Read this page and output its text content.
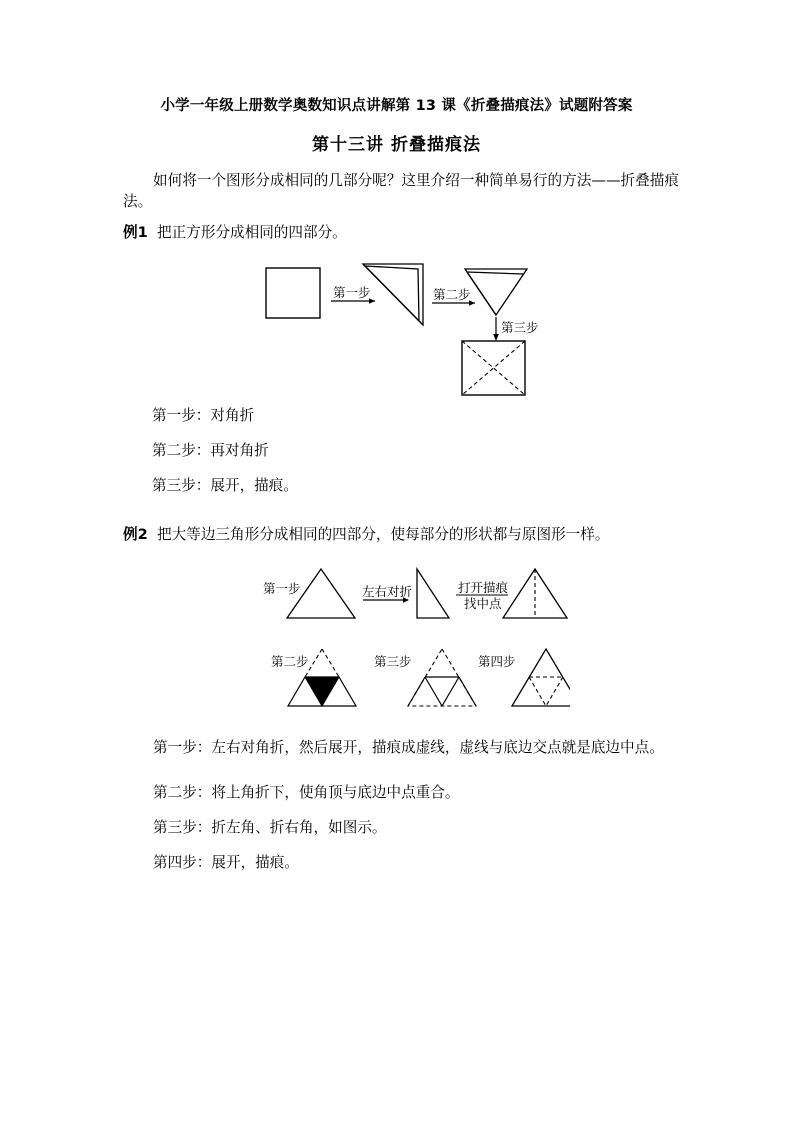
小学一年级上册数学奥数知识点讲解第 13 课《折叠描痕法》试题附答案
第十三讲 折叠描痕法
如何将一个图形分成相同的几部分呢？这里介绍一种简单易行的方法——折叠描痕法。
例1 把正方形分成相同的四部分。
第一步	第二步
第三步
第一步：对角折
第二步：再对角折
第三步：展开，描痕。
例2 把大等边三角形分成相同的四部分，使每部分的形状都与原图形一样。
第一步	左右对折	打开描痕
找中点
第二步	第三步	第四步
第一步：左右对角折，然后展开，描痕成虚线，虚线与底边交点就是底边中点。
第二步：将上角折下，使角顶与底边中点重合。
第三步：折左角、折右角，如图示。
第四步：展开，描痕。
